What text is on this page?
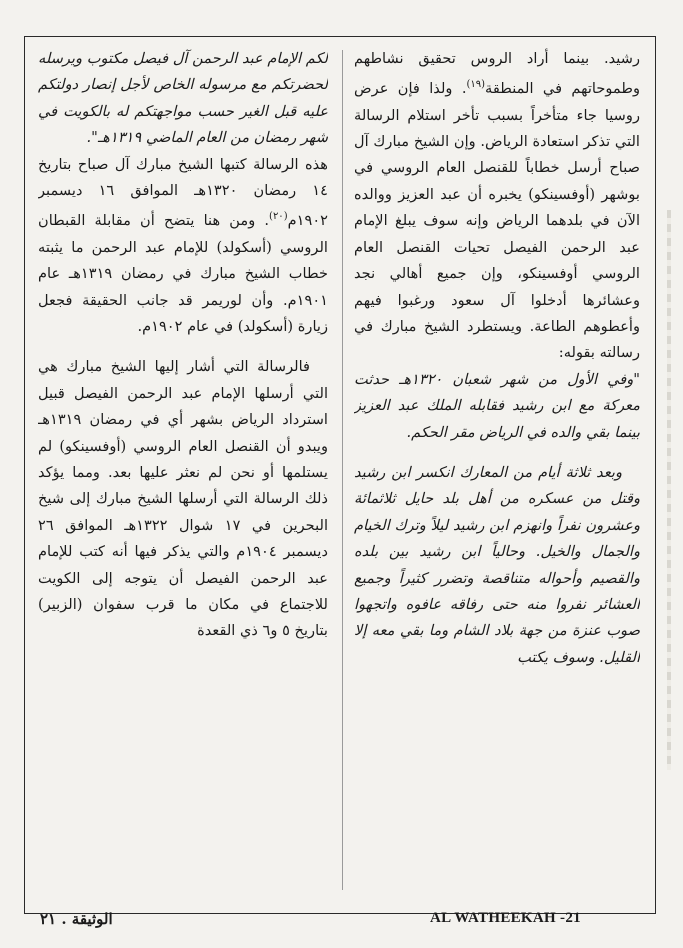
رشيد. بينما أراد الروس تحقيق نشاطهم وطموحاتهم في المنطقة$^{(١٩)}$. ولذا فإن عرض روسيا جاء متأخراً بسبب تأخر استلام الرسالة التي تذكر استعادة الرياض. وإن الشيخ مبارك آل صباح أرسل خطاباً للقنصل العام الروسي في بوشهر (أوفسينكو) يخبره أن عبد العزيز ووالده الآن في بلدهما الرياض وإنه سوف يبلغ الإمام عبد الرحمن الفيصل تحيات القنصل العام الروسي أوفسينكو، وإن جميع أهالي نجد وعشائرها أدخلوا آل سعود ورغبوا فيهم وأعطوهم الطاعة. ويستطرد الشيخ مبارك في رسالته بقوله:

"وفي الأول من شهر شعبان ١٣٢٠هـ حدثت معركة مع ابن رشيد فقابله الملك عبد العزيز بينما بقي والده في الرياض مقر الحكم.

وبعد ثلاثة أيام من المعارك انكسر ابن رشيد وقتل من عسكره من أهل بلد حايل ثلاثمائة وعشرون نفراً وانهزم ابن رشيد ليلاً وترك الخيام والجمال والخيل. وحالياً ابن رشيد بين بلده والقصيم وأحواله متناقصة وتضرر كثيراً وجميع العشائر نفروا منه حتى رفاقه عافوه واتجهوا صوب عنزة من جهة بلاد الشام وما بقي معه إلا القليل. وسوف يكتب

لكم الإمام عبد الرحمن آل فيصل مكتوب ويرسله لحضرتكم مع مرسوله الخاص لأجل إنصار دولتكم عليه قبل الغير حسب مواجهتكم له بالكويت في شهر رمضان من العام الماضي ١٣١٩هـ".

هذه الرسالة كتبها الشيخ مبارك آل صباح بتاريخ ١٤ رمضان ١٣٢٠هـ الموافق ١٦ ديسمبر ١٩٠٢م$^{(٢٠)}$. ومن هنا يتضح أن مقابلة القبطان الروسي (أسكولد) للإمام عبد الرحمن ما يثبته خطاب الشيخ مبارك في رمضان ١٣١٩هـ عام ١٩٠١م. وأن لوريمر قد جانب الحقيقة فجعل زيارة (أسكولد) في عام ١٩٠٢م.

فالرسالة التي أشار إليها الشيخ مبارك هي التي أرسلها الإمام عبد الرحمن الفيصل قبيل استرداد الرياض بشهر أي في رمضان ١٣١٩هـ ويبدو أن القنصل العام الروسي (أوفسينكو) لم يستلمها أو نحن لم نعثر عليها بعد. ومما يؤكد ذلك الرسالة التي أرسلها الشيخ مبارك إلى شيخ البحرين في ١٧ شوال ١٣٢٢هـ الموافق ٢٦ ديسمبر ١٩٠٤م والتي يذكر فيها أنه كتب للإمام عبد الرحمن الفيصل أن يتوجه إلى الكويت للاجتماع في مكان ما قرب سفوان (الزبير) بتاريخ ٥ و٦ ذي القعدة

الوثيقة . ٢١	AL WATHEEKAH -21
